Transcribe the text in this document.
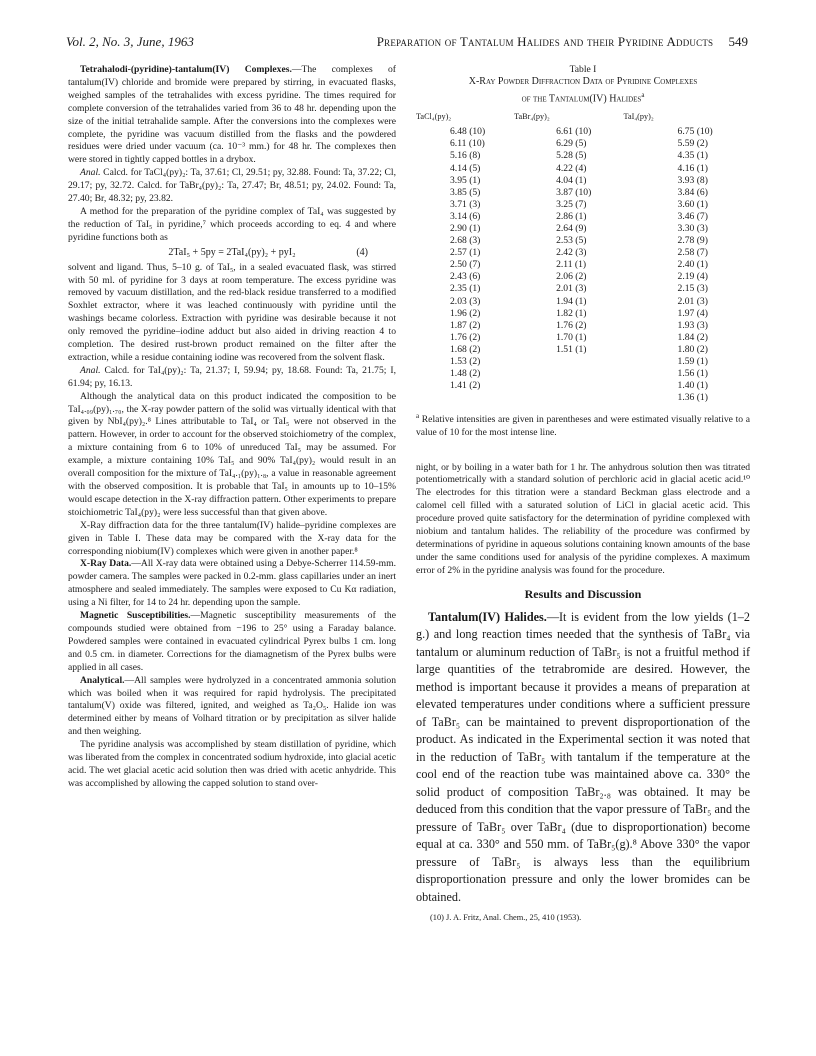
Vol. 2, No. 3, June, 1963	Preparation of Tantalum Halides and their Pyridine Adducts 549

Tetrahalodi-(pyridine)-tantalum(IV) Complexes.—The complexes of tantalum(IV) chloride and bromide were prepared by stirring, in evacuated flasks, weighed samples of the tetrahalides with excess pyridine. The times required for complete conversion of the tetrahalides varied from 36 to 48 hr. depending upon the size of the initial tetrahalide sample. After the conversions into the complexes were complete, the pyridine was vacuum distilled from the flasks and the powdered residues were dried under vacuum (ca. 10⁻³ mm.) for 48 hr. The complexes then were stored in tightly capped bottles in a drybox.

Anal. Calcd. for TaCl₄(py)₂: Ta, 37.61; Cl, 29.51; py, 32.88. Found: Ta, 37.22; Cl, 29.17; py, 32.72. Calcd. for TaBr₄(py)₂: Ta, 27.47; Br, 48.51; py, 24.02. Found: Ta, 27.40; Br, 48.32; py, 23.82.

A method for the preparation of the pyridine complex of TaI₄ was suggested by the reduction of TaI₅ in pyridine,⁷ which proceeds according to eq. 4 and where pyridine functions both as

2TaI₅ + 5py = 2TaI₄(py)₂ + pyI₂	(4)

solvent and ligand. Thus, 5–10 g. of TaI₅, in a sealed evacuated flask, was stirred with 50 ml. of pyridine for 3 days at room temperature. The excess pyridine was removed by vacuum distillation, and the red-black residue transferred to a modified Soxhlet extractor, where it was leached continuously with pyridine until the washings became colorless. Extraction with pyridine was desirable because it not only removed the pyridine–iodine adduct but also aided in driving reaction 4 to completion. The desired rust-brown product remained on the filter after the extraction, while a residue containing iodine was recovered from the solvent flask.

Anal. Calcd. for TaI₄(py)₂: Ta, 21.37; I, 59.94; py, 18.68. Found: Ta, 21.75; I, 61.94; py, 16.13.

Although the analytical data on this product indicated the composition to be TaI₄.₀₉(py)₁.₇₀, the X-ray powder pattern of the solid was virtually identical with that given by NbI₄(py)₂.⁸ Lines attributable to TaI₄ or TaI₅ were not observed in the pattern. However, in order to account for the observed stoichiometry of the complex, a mixture containing from 6 to 10% of unreduced TaI₅ may be assumed. For example, a mixture containing 10% TaI₅ and 90% TaI₄(py)₂ would result in an overall composition for the mixture of TaI₄.₁(py)₁.₈, a value in reasonable agreement with the observed composition. It is probable that TaI₅ in amounts up to 10–15% would escape detection in the X-ray diffraction pattern. Other experiments to prepare stoichiometric TaI₄(py)₂ were less successful than that given above.

X-Ray diffraction data for the three tantalum(IV) halide–pyridine complexes are given in Table I. These data may be compared with the X-ray data for the corresponding niobium(IV) complexes which were given in another paper.⁸

X-Ray Data.—All X-ray data were obtained using a Debye-Scherrer 114.59-mm. powder camera. The samples were packed in 0.2-mm. glass capillaries under an inert atmosphere and sealed immediately. The samples were exposed to Cu Kα radiation, using a Ni filter, for 14 to 24 hr. depending upon the sample.

Magnetic Susceptibilities.—Magnetic susceptibility measurements of the compounds studied were obtained from −196 to 25° using a Faraday balance. Powdered samples were contained in evacuated cylindrical Pyrex bulbs 1 cm. long and 0.5 cm. in diameter. Corrections for the diamagnetism of the Pyrex bulbs were applied in all cases.

Analytical.—All samples were hydrolyzed in a concentrated ammonia solution which was boiled when it was required for rapid hydrolysis. The precipitated tantalum(V) oxide was filtered, ignited, and weighed as Ta₂O₅. Halide ion was determined either by means of Volhard titration or by precipitation as silver halide and then weighing.

The pyridine analysis was accomplished by steam distillation of pyridine, which was liberated from the complex in concentrated sodium hydroxide, into glacial acetic acid. The wet glacial acetic acid solution then was dried with acetic anhydride. This was accomplished by allowing the capped solution to stand over-

Table I
X-Ray Powder Diffraction Data of Pyridine Complexes
of the Tantalum(IV) Halides$^a$
TaCl₄(py)₂	TaBr₄(py)₂	TaI₄(py)₂
6.48 (10)	6.61 (10)	6.75 (10)
6.11 (10)	6.29 (5)	5.59 (2)
5.16 (8)	5.28 (5)	4.35 (1)
4.14 (5)	4.22 (4)	4.16 (1)
3.95 (1)	4.04 (1)	3.93 (8)
3.85 (5)	3.87 (10)	3.84 (6)
3.71 (3)	3.25 (7)	3.60 (1)
3.14 (6)	2.86 (1)	3.46 (7)
2.90 (1)	2.64 (9)	3.30 (3)
2.68 (3)	2.53 (5)	2.78 (9)
2.57 (1)	2.42 (3)	2.58 (7)
2.50 (7)	2.11 (1)	2.40 (1)
2.43 (6)	2.06 (2)	2.19 (4)
2.35 (1)	2.01 (3)	2.15 (3)
2.03 (3)	1.94 (1)	2.01 (3)
1.96 (2)	1.82 (1)	1.97 (4)
1.87 (2)	1.76 (2)	1.93 (3)
1.76 (2)	1.70 (1)	1.84 (2)
1.68 (2)	1.51 (1)	1.80 (2)
1.53 (2)		1.59 (1)
1.48 (2)		1.56 (1)
1.41 (2)		1.40 (1)
		1.36 (1)
$^a$ Relative intensities are given in parentheses and were estimated visually relative to a value of 10 for the most intense line.

night, or by boiling in a water bath for 1 hr. The anhydrous solution then was titrated potentiometrically with a standard solution of perchloric acid in glacial acetic acid.¹⁰ The electrodes for this titration were a standard Beckman glass electrode and a calomel cell filled with a saturated solution of LiCl in glacial acetic acid. This procedure proved quite satisfactory for the determination of pyridine complexed with niobium and tantalum halides. The reliability of the procedure was confirmed by determinations of pyridine in aqueous solutions containing known amounts of the base under the same conditions used for analysis of the pyridine complexes. A maximum error of 2% in the pyridine analysis was found for the procedure.

Results and Discussion

Tantalum(IV) Halides.—It is evident from the low yields (1–2 g.) and long reaction times needed that the synthesis of TaBr₄ via tantalum or aluminum reduction of TaBr₅ is not a fruitful method if large quantities of the tetrabromide are desired. However, the method is important because it provides a means of preparation at elevated temperatures under conditions where a sufficient pressure of TaBr₅ can be maintained to prevent disproportionation of the product. As indicated in the Experimental section it was noted that in the reduction of TaBr₅ with tantalum if the temperature at the cool end of the reaction tube was maintained above ca. 330° the solid product of composition TaBr₂.₈ was obtained. It may be deduced from this condition that the vapor pressure of TaBr₅ and the pressure of TaBr₅ over TaBr₄ (due to disproportionation) become equal at ca. 330° and 550 mm. of TaBr₅(g).⁸ Above 330° the vapor pressure of TaBr₅ is always less than the equilibrium disproportionation pressure and only the lower bromides can be obtained.

(10) J. A. Fritz, Anal. Chem., 25, 410 (1953).
